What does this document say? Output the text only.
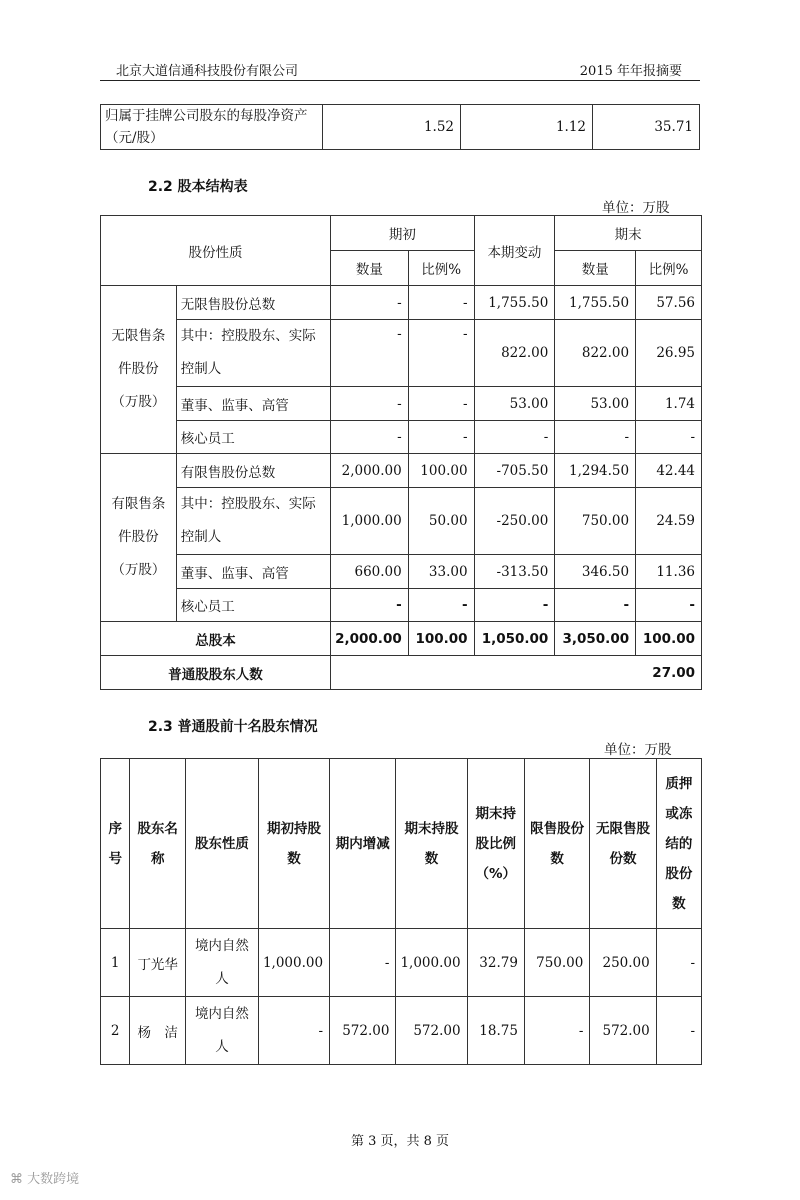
北京大道信通科技股份有限公司	2015 年年报摘要
归属于挂牌公司股东的每股净资产（元/股）	1.52	1.12	35.71
2.2 股本结构表
单位：万股
股份性质		期初		本期变动	期末	
		数量	比例%		数量	比例%
无限售条件股份（万股）	无限售股份总数	-	-	1,755.50	1,755.50	57.56
	其中：控股股东、实际控制人	-	-	822.00	822.00	26.95
	董事、监事、高管	-	-	53.00	53.00	1.74
	核心员工	-	-	-	-	-
有限售条件股份（万股）	有限售股份总数	2,000.00	100.00	-705.50	1,294.50	42.44
	其中：控股股东、实际控制人	1,000.00	50.00	-250.00	750.00	24.59
	董事、监事、高管	660.00	33.00	-313.50	346.50	11.36
	核心员工	-	-	-	-	-
总股本		2,000.00	100.00	1,050.00	3,050.00	100.00
普通股股东人数		27.00				
2.3 普通股前十名股东情况
单位：万股
序号	股东名称	股东性质	期初持股数	期内增减	期末持股数	期末持股比例（%）	限售股份数	无限售股份数	质押或冻结的股份数
1	丁光华	境内自然人	1,000.00	-	1,000.00	32.79	750.00	250.00	-
2	杨　洁	境内自然人	-	572.00	572.00	18.75	-	572.00	-
第 3 页，共 8 页
⌘ 大数跨境
